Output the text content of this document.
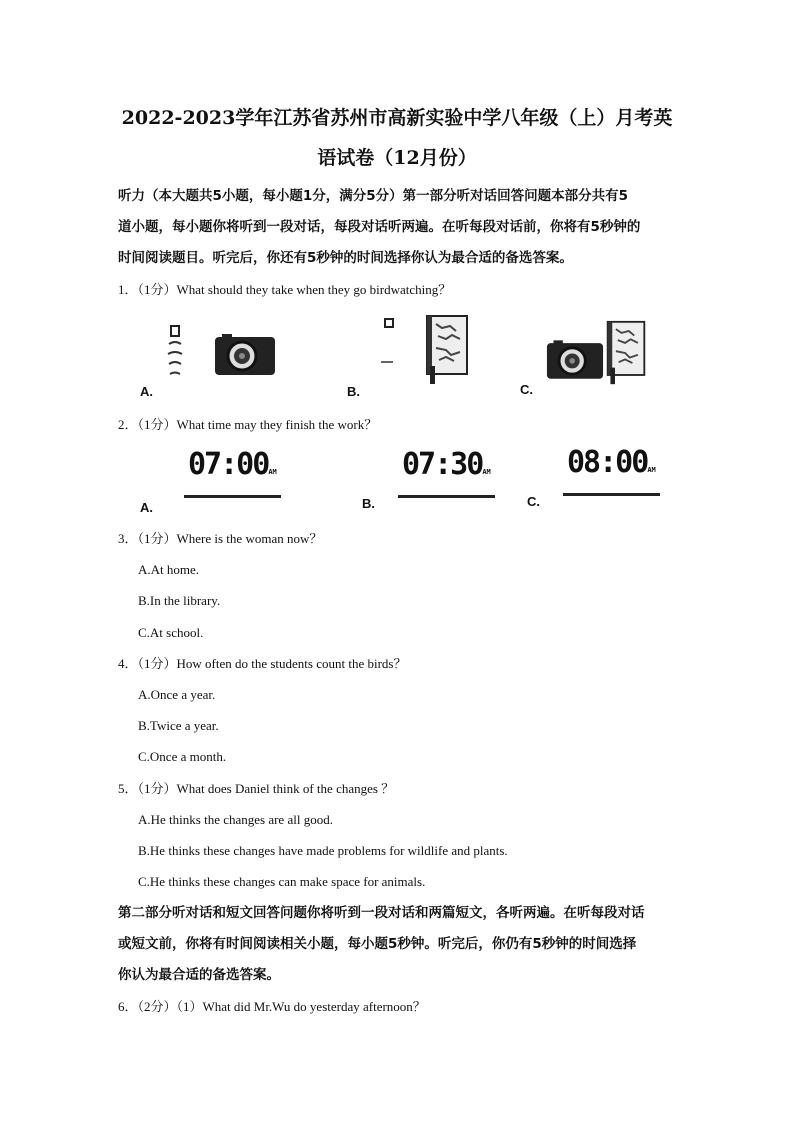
2022-2023学年江苏省苏州市高新实验中学八年级（上）月考英
语试卷（12月份）
听力（本大题共5小题，每小题1分，满分5分）第一部分听对话回答问题本部分共有5
道小题，每小题你将听到一段对话，每段对话听两遍。在听每段对话前，你将有5秒钟的
时间阅读题目。听完后，你还有5秒钟的时间选择你认为最合适的备选答案。
1．（1分）What should they take when they go birdwatching？
A.	B.	C.
2．（1分）What time may they finish the work？
07:00AM
A.
07:30AM
B.
08:00AM
C.
3．（1分）Where is the woman now？
A.At home.
B.In the library.
C.At school.
4．（1分）How often do the students count the birds？
A.Once a year.
B.Twice a year.
C.Once a month.
5．（1分）What does Daniel think of the changes ？
A.He thinks the changes are all good.
B.He thinks these changes have made problems for wildlife and plants.
C.He thinks these changes can make space for animals.
第二部分听对话和短文回答问题你将听到一段对话和两篇短文，各听两遍。在听每段对话
或短文前，你将有时间阅读相关小题，每小题5秒钟。听完后，你仍有5秒钟的时间选择
你认为最合适的备选答案。
6．（2分）（1）What did Mr.Wu do yesterday afternoon？
